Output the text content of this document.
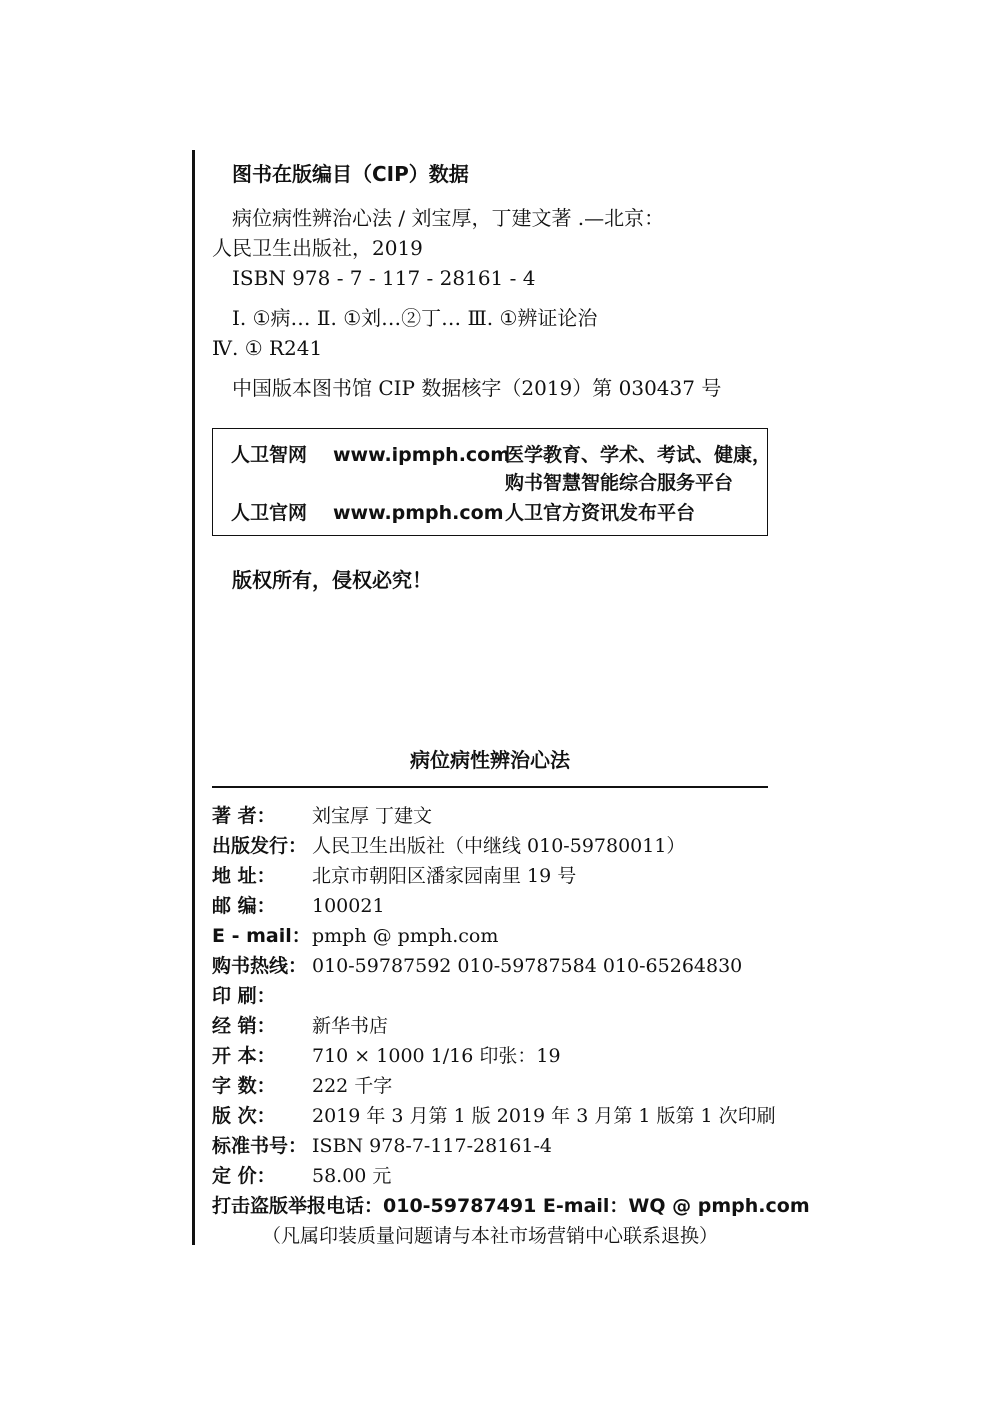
图书在版编目（CIP）数据
病位病性辨治心法 / 刘宝厚，丁建文著 .—北京：
人民卫生出版社，2019
ISBN 978 - 7 - 117 - 28161 - 4
Ⅰ. ①病… Ⅱ. ①刘…②丁… Ⅲ. ①辨证论治
Ⅳ. ① R241
中国版本图书馆 CIP 数据核字（2019）第 030437 号
人卫智网 www.ipmph.com
医学教育、学术、考试、健康，
购书智慧智能综合服务平台
人卫官网 www.pmph.com 人卫官方资讯发布平台
版权所有，侵权必究！
病位病性辨治心法
著 者： 刘宝厚 丁建文
出版发行： 人民卫生出版社（中继线 010-59780011）
地 址： 北京市朝阳区潘家园南里 19 号
邮 编： 100021
E - mail： pmph @ pmph.com
购书热线： 010-59787592 010-59787584 010-65264830
印 刷：
经 销： 新华书店
开 本： 710 × 1000 1/16 印张：19
字 数： 222 千字
版 次： 2019 年 3 月第 1 版 2019 年 3 月第 1 版第 1 次印刷
标准书号： ISBN 978-7-117-28161-4
定 价： 58.00 元
打击盗版举报电话：010-59787491 E-mail：WQ @ pmph.com
（凡属印装质量问题请与本社市场营销中心联系退换）
